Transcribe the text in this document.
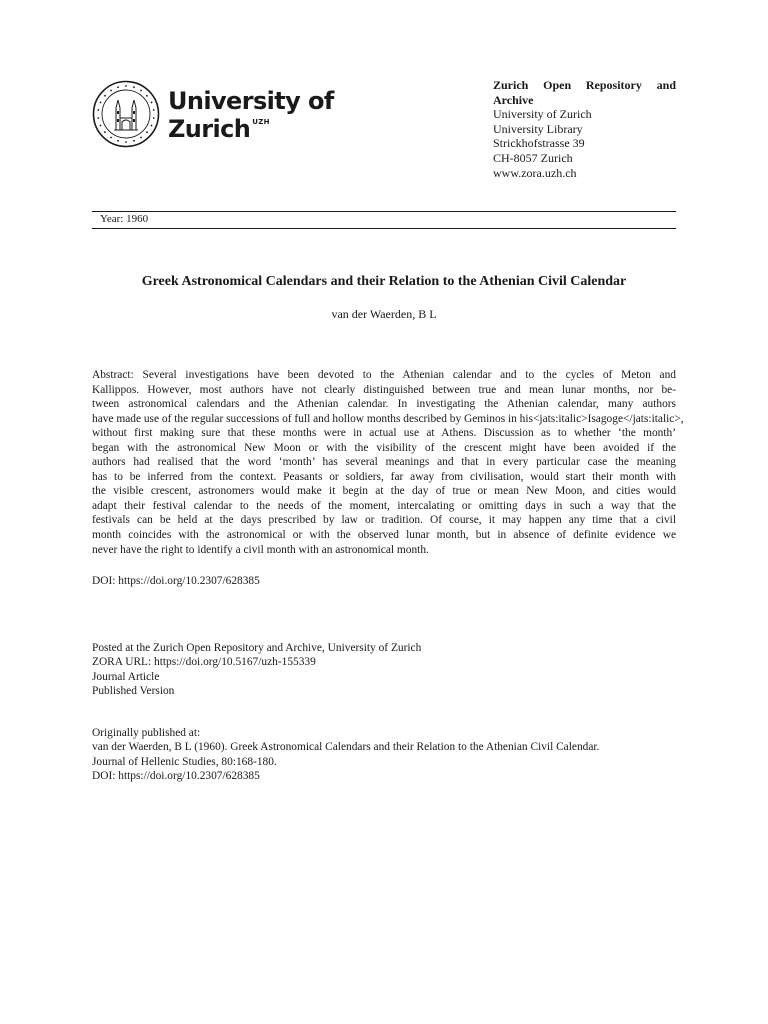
University of
Zurich $^{UZH}$
Zurich Open Repository and Archive
University of Zurich
University Library
Strickhofstrasse 39
CH-8057 Zurich
www.zora.uzh.ch
Year: 1960
Greek Astronomical Calendars and their Relation to the Athenian Civil Calendar
van der Waerden, B L
Abstract: Several investigations have been devoted to the Athenian calendar and to the cycles of Meton and
Kallippos. However, most authors have not clearly distinguished between true and mean lunar months, nor be-
tween astronomical calendars and the Athenian calendar. In investigating the Athenian calendar, many authors
have made use of the regular successions of full and hollow months described by Geminos in his<jats:italic>Isagoge</jats:italic>,
without first making sure that these months were in actual use at Athens. Discussion as to whether ‘the month’
began with the astronomical New Moon or with the visibility of the crescent might have been avoided if the
authors had realised that the word ‘month’ has several meanings and that in every particular case the meaning
has to be inferred from the context. Peasants or soldiers, far away from civilisation, would start their month with
the visible crescent, astronomers would make it begin at the day of true or mean New Moon, and cities would
adapt their festival calendar to the needs of the moment, intercalating or omitting days in such a way that the
festivals can be held at the days prescribed by law or tradition. Of course, it may happen any time that a civil
month coincides with the astronomical or with the observed lunar month, but in absence of definite evidence we
never have the right to identify a civil month with an astronomical month.
DOI: https://doi.org/10.2307/628385
Posted at the Zurich Open Repository and Archive, University of Zurich
ZORA URL: https://doi.org/10.5167/uzh-155339
Journal Article
Published Version
Originally published at:
van der Waerden, B L (1960). Greek Astronomical Calendars and their Relation to the Athenian Civil Calendar.
Journal of Hellenic Studies, 80:168-180.
DOI: https://doi.org/10.2307/628385
